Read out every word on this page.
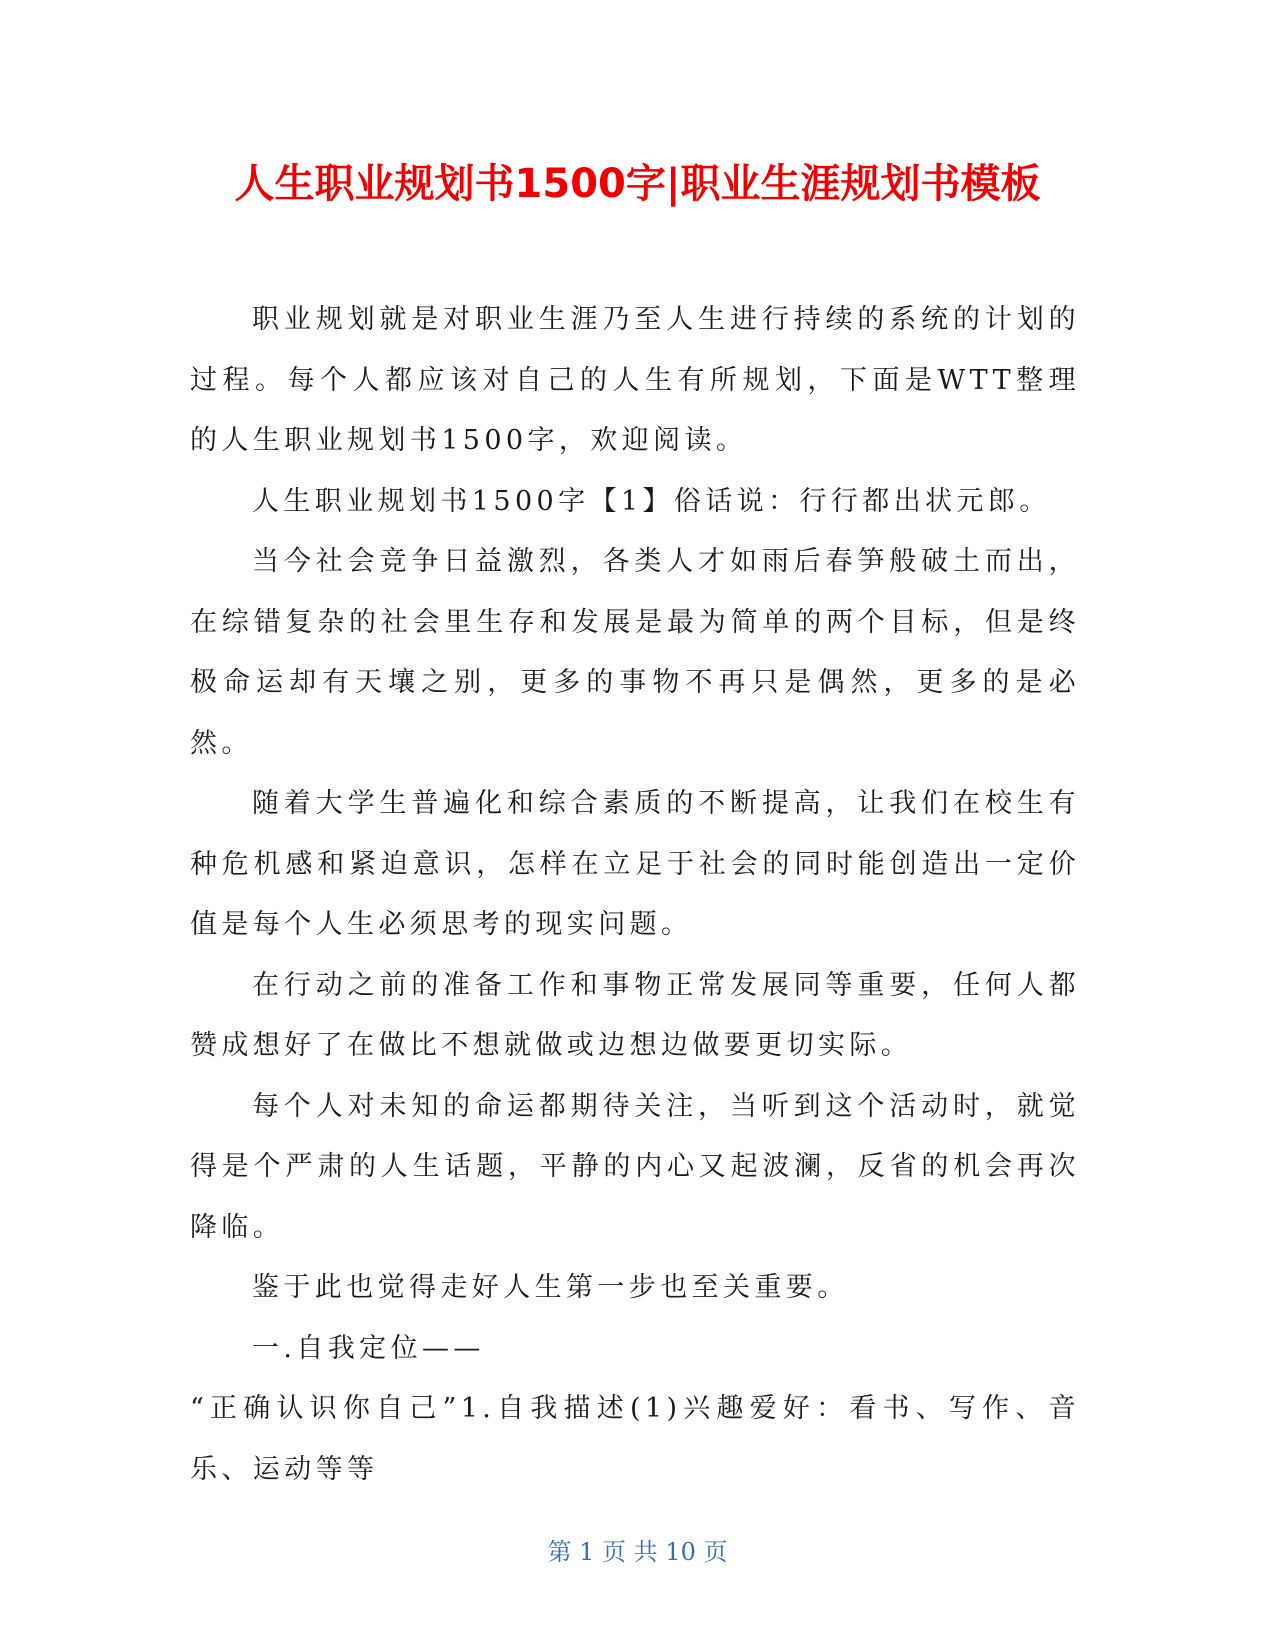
人生职业规划书1500字|职业生涯规划书模板

职业规划就是对职业生涯乃至人生进行持续的系统的计划的过程。每个人都应该对自己的人生有所规划，下面是WTT整理的人生职业规划书1500字，欢迎阅读。

人生职业规划书1500字【1】俗话说：行行都出状元郎。

当今社会竞争日益激烈，各类人才如雨后春笋般破土而出，在综错复杂的社会里生存和发展是最为简单的两个目标，但是终极命运却有天壤之别，更多的事物不再只是偶然，更多的是必然。

随着大学生普遍化和综合素质的不断提高，让我们在校生有种危机感和紧迫意识，怎样在立足于社会的同时能创造出一定价值是每个人生必须思考的现实问题。

在行动之前的准备工作和事物正常发展同等重要，任何人都赞成想好了在做比不想就做或边想边做要更切实际。

每个人对未知的命运都期待关注，当听到这个活动时，就觉得是个严肃的人生话题，平静的内心又起波澜，反省的机会再次降临。

鉴于此也觉得走好人生第一步也至关重要。

一.自我定位——

“正确认识你自己”1.自我描述(1)兴趣爱好：看书、写作、音乐、运动等等

第 1 页 共 10 页
